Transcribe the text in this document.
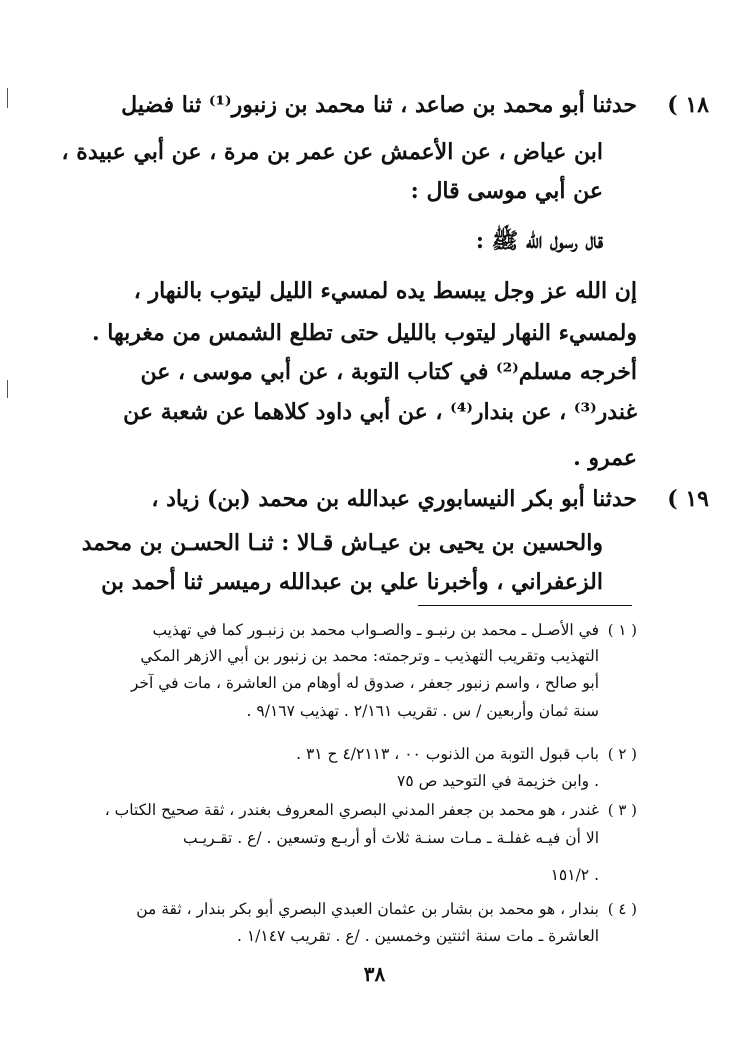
١٨ )
حدثنا أبو محمد بن صاعد ، ثنا محمد بن زنبور⁽¹⁾ ثنا فضيل
ابن عياض ، عن الأعمش عن عمر بن مرة ، عن أبي عبيدة ،
عن أبي موسى قال :
قال رسول الله ﷺ :
إن الله عز وجل يبسط يده لمسيء الليل ليتوب بالنهار ،
ولمسيء النهار ليتوب بالليل حتى تطلع الشمس من مغربها .
أخرجه مسلم⁽²⁾ في كتاب التوبة ، عن أبي موسى ، عن
غندر⁽³⁾ ، عن بندار⁽⁴⁾ ، عن أبي داود كلاهما عن شعبة عن
عمرو .
١٩ )
حدثنا أبو بكر النيسابوري عبدالله بن محمد (بن) زياد ،
والحسين بن يحيى بن عيـاش قـالا : ثنـا الحسـن بن محمد
الزعفراني ، وأخبرنا علي بن عبدالله رميسر ثنا أحمد بن
( ١ )
في الأصـل ـ محمد بن رنبـو ـ والصـواب محمد بن زنبـور كما في تهذيب
التهذيب وتقريب التهذيب ـ وترجمته: محمد بن زنبور بن أبي الازهر المكي
أبو صالح ، واسم زنبور جعفر ، صدوق له أوهام من العاشرة ، مات في آخر
سنة ثمان وأربعين / س . تقريب ٢/١٦١ . تهذيب ٩/١٦٧ .
( ٢ )
باب قبول التوبة من الذنوب ٠٠ ، ٤/٢١١٣ ح ٣١ .
. وابن خزيمة في التوحيد ص ٧٥
( ٣ )
غندر ، هو محمد بن جعفر المدني البصري المعروف بغندر ، ثقة صحيح الكتاب ،
الا أن فيـه غفلـة ـ مـات سنـة ثلاث أو أربـع وتسعين . /ع . تقـريـب
. ١٥١/٢
( ٤ )
بندار ، هو محمد بن بشار بن عثمان العبدي البصري أبو بكر بندار ، ثقة من
العاشرة ـ مات سنة اثنتين وخمسين . /ع . تقريب ١/١٤٧ .
٣٨
